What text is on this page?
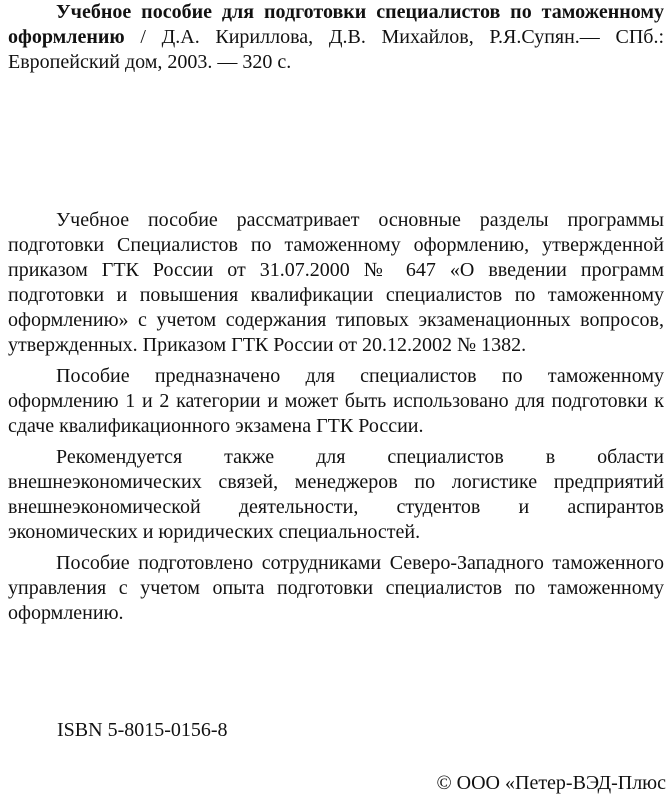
Учебное пособие для подготовки специалистов по таможенному оформлению / Д.А. Кириллова, Д.В. Михайлов, Р.Я.Супян.— СПб.: Европейский дом, 2003. — 320 с.

Учебное пособие рассматривает основные разделы программы подготовки Специалистов по таможенному оформлению, утвержденной приказом ГТК России от 31.07.2000 № 647 «О введении программ подготовки и повышения квалификации специалистов по таможенному оформлению» с учетом содержания типовых экзаменационных вопросов, утвержденных. Приказом ГТК России от 20.12.2002 № 1382.

Пособие предназначено для специалистов по таможенному оформлению 1 и 2 категории и может быть использовано для подготовки к сдаче квалификационного экзамена ГТК России.

Рекомендуется также для специалистов в области внешнеэкономических связей, менеджеров по логистике предприятий внешнеэкономической деятельности, студентов и аспирантов экономических и юридических специальностей.

Пособие подготовлено сотрудниками Северо-Западного таможенного управления с учетом опыта подготовки специалистов по таможенному оформлению.

ISBN 5-8015-0156-8
© ООО «Петер-ВЭД-Плюс
